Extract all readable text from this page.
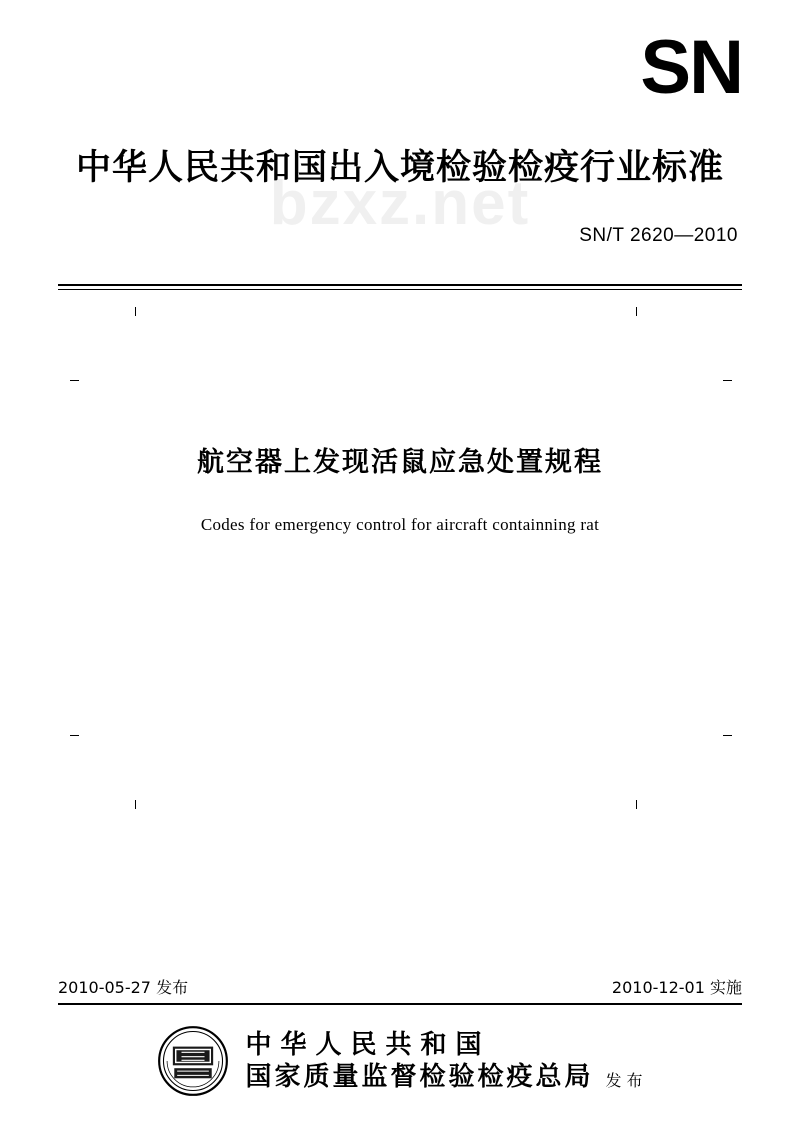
bzxz.net
SN
中华人民共和国出入境检验检疫行业标准
SN/T 2620—2010
航空器上发现活鼠应急处置规程
Codes for emergency control for aircraft containning rat
2010-05-27 发布	2010-12-01 实施
中华人民共和国
国家质量监督检验检疫总局 发 布
